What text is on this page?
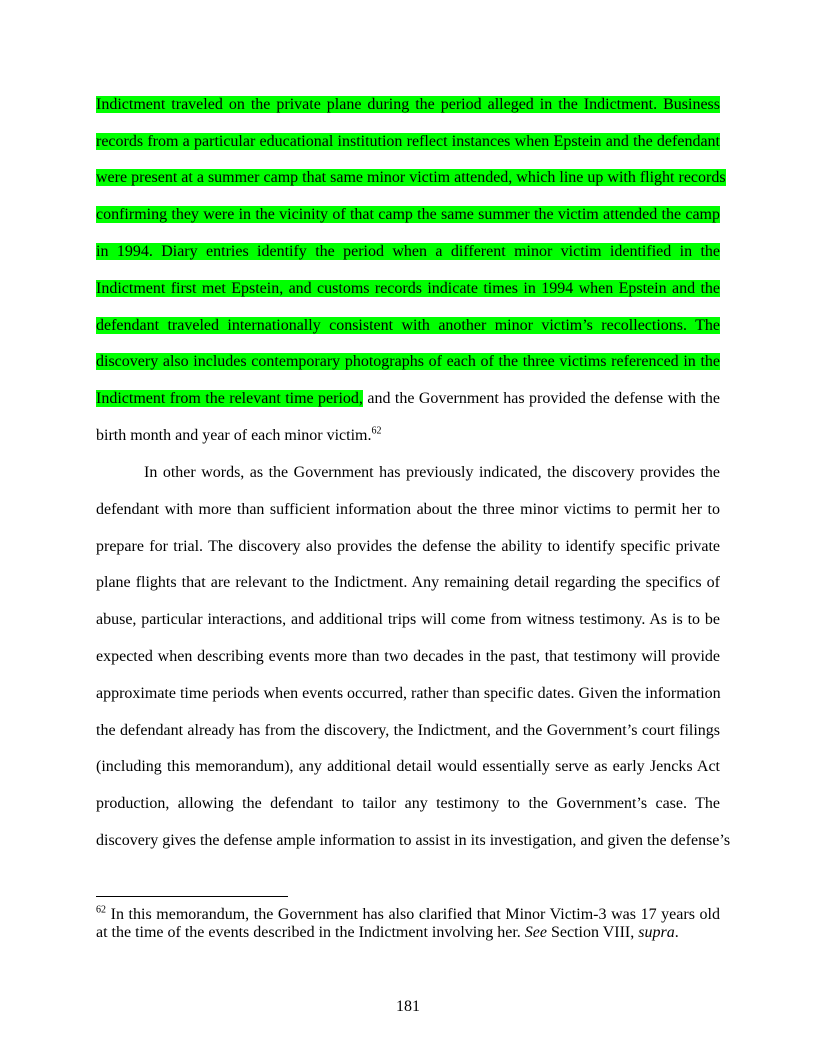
Indictment traveled on the private plane during the period alleged in the Indictment. Business
records from a particular educational institution reflect instances when Epstein and the defendant
were present at a summer camp that same minor victim attended, which line up with flight records
confirming they were in the vicinity of that camp the same summer the victim attended the camp
in 1994. Diary entries identify the period when a different minor victim identified in the
Indictment first met Epstein, and customs records indicate times in 1994 when Epstein and the
defendant traveled internationally consistent with another minor victim’s recollections. The
discovery also includes contemporary photographs of each of the three victims referenced in the
Indictment from the relevant time period, and the Government has provided the defense with the
birth month and year of each minor victim.$^{62}$
In other words, as the Government has previously indicated, the discovery provides the
defendant with more than sufficient information about the three minor victims to permit her to
prepare for trial. The discovery also provides the defense the ability to identify specific private
plane flights that are relevant to the Indictment. Any remaining detail regarding the specifics of
abuse, particular interactions, and additional trips will come from witness testimony. As is to be
expected when describing events more than two decades in the past, that testimony will provide
approximate time periods when events occurred, rather than specific dates. Given the information
the defendant already has from the discovery, the Indictment, and the Government’s court filings
(including this memorandum), any additional detail would essentially serve as early Jencks Act
production, allowing the defendant to tailor any testimony to the Government’s case. The
discovery gives the defense ample information to assist in its investigation, and given the defense’s
$^{62}$ In this memorandum, the Government has also clarified that Minor Victim-3 was 17 years old
at the time of the events described in the Indictment involving her. See Section VIII, supra.
181
